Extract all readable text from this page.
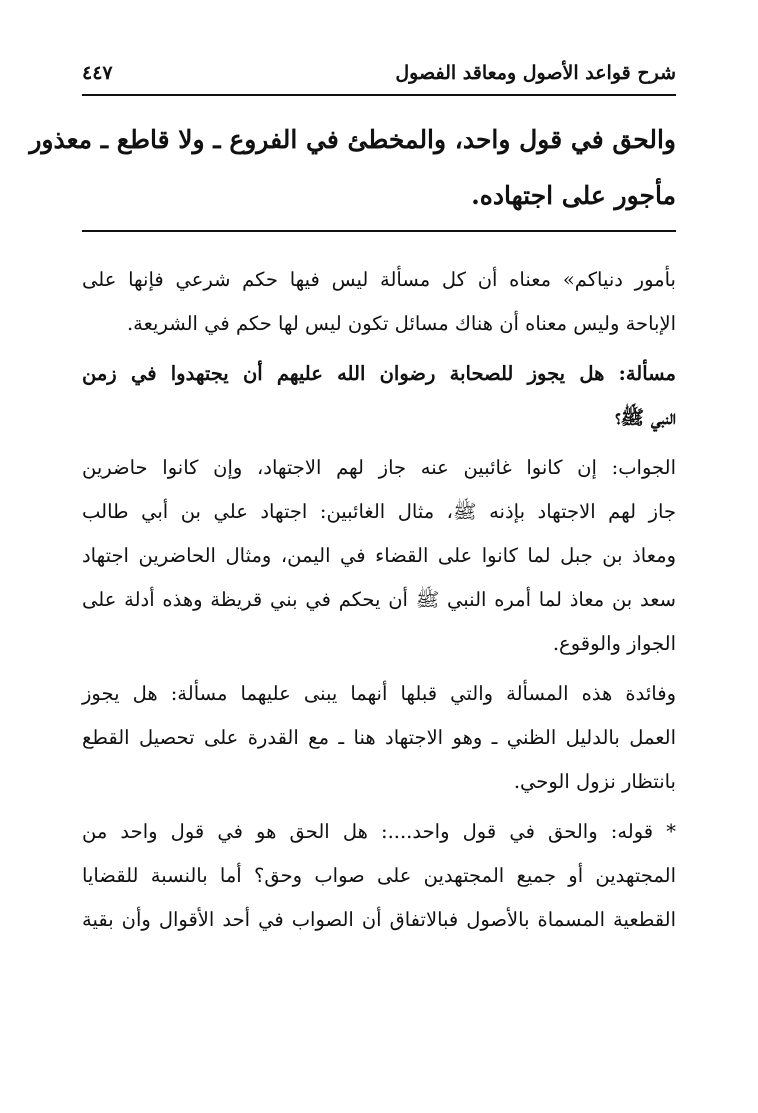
شرح قواعد الأصول ومعاقد الفصول
٤٤٧
والحق في قول واحد، والمخطئ في الفروع ـ ولا قاطع ـ معذور
مأجور على اجتهاده.
بأمور دنياكم» معناه أن كل مسألة ليس فيها حكم شرعي فإنها على
الإباحة وليس معناه أن هناك مسائل تكون ليس لها حكم في الشريعة.
مسألة: هل يجوز للصحابة رضوان الله عليهم أن يجتهدوا في زمن
النبي ﷺ؟
الجواب: إن كانوا غائبين عنه جاز لهم الاجتهاد، وإن كانوا حاضرين
جاز لهم الاجتهاد بإذنه ﷺ، مثال الغائبين: اجتهاد علي بن أبي طالب
ومعاذ بن جبل لما كانوا على القضاء في اليمن، ومثال الحاضرين اجتهاد
سعد بن معاذ لما أمره النبي ﷺ أن يحكم في بني قريظة وهذه أدلة على
الجواز والوقوع.
وفائدة هذه المسألة والتي قبلها أنهما يبنى عليهما مسألة: هل يجوز
العمل بالدليل الظني ـ وهو الاجتهاد هنا ـ مع القدرة على تحصيل القطع
بانتظار نزول الوحي.
* قوله: والحق في قول واحد....: هل الحق هو في قول واحد من
المجتهدين أو جميع المجتهدين على صواب وحق؟ أما بالنسبة للقضايا
القطعية المسماة بالأصول فبالاتفاق أن الصواب في أحد الأقوال وأن بقية
